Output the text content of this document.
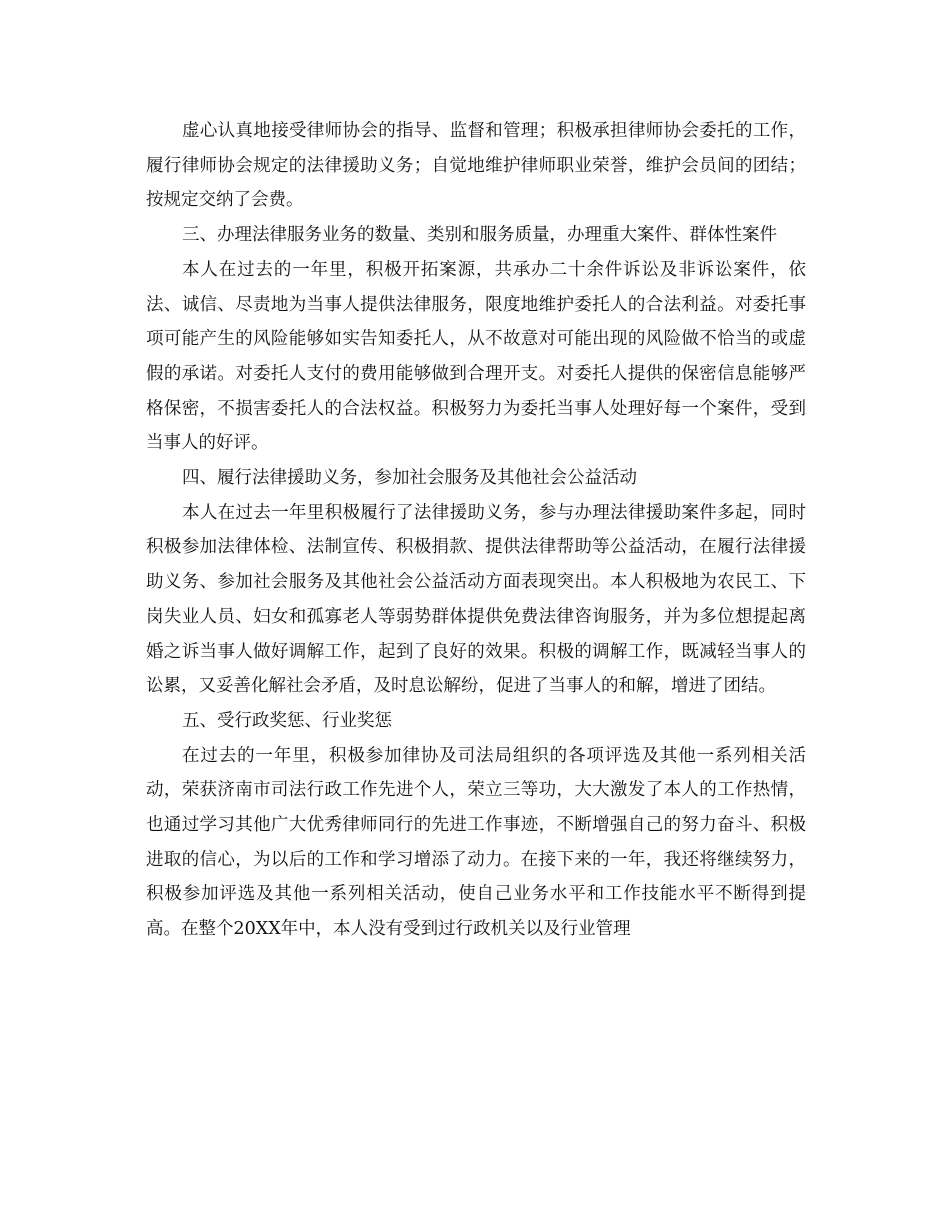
虚心认真地接受律师协会的指导、监督和管理；积极承担律师协会委托的工作，履行律师协会规定的法律援助义务；自觉地维护律师职业荣誉，维护会员间的团结；按规定交纳了会费。

三、办理法律服务业务的数量、类别和服务质量，办理重大案件、群体性案件

本人在过去的一年里，积极开拓案源，共承办二十余件诉讼及非诉讼案件，依法、诚信、尽责地为当事人提供法律服务，限度地维护委托人的合法利益。对委托事项可能产生的风险能够如实告知委托人，从不故意对可能出现的风险做不恰当的或虚假的承诺。对委托人支付的费用能够做到合理开支。对委托人提供的保密信息能够严格保密，不损害委托人的合法权益。积极努力为委托当事人处理好每一个案件，受到当事人的好评。

四、履行法律援助义务，参加社会服务及其他社会公益活动

本人在过去一年里积极履行了法律援助义务，参与办理法律援助案件多起，同时积极参加法律体检、法制宣传、积极捐款、提供法律帮助等公益活动，在履行法律援助义务、参加社会服务及其他社会公益活动方面表现突出。本人积极地为农民工、下岗失业人员、妇女和孤寡老人等弱势群体提供免费法律咨询服务，并为多位想提起离婚之诉当事人做好调解工作，起到了良好的效果。积极的调解工作，既减轻当事人的讼累，又妥善化解社会矛盾，及时息讼解纷，促进了当事人的和解，增进了团结。

五、受行政奖惩、行业奖惩

在过去的一年里，积极参加律协及司法局组织的各项评选及其他一系列相关活动，荣获济南市司法行政工作先进个人，荣立三等功，大大激发了本人的工作热情，也通过学习其他广大优秀律师同行的先进工作事迹，不断增强自己的努力奋斗、积极进取的信心，为以后的工作和学习增添了动力。在接下来的一年，我还将继续努力，积极参加评选及其他一系列相关活动，使自己业务水平和工作技能水平不断得到提高。在整个20XX年中，本人没有受到过行政机关以及行业管理
